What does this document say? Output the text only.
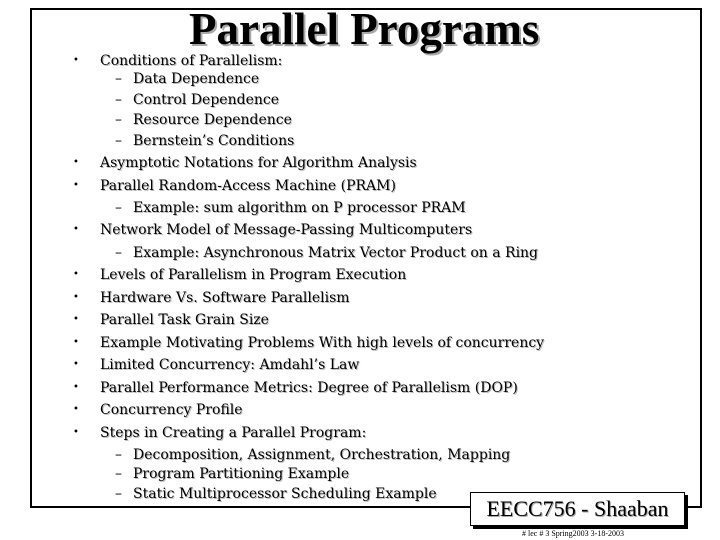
Parallel Programs
• Conditions of Parallelism:

– Data Dependence

– Control Dependence

– Resource Dependence

– Bernstein’s Conditions

• Asymptotic Notations for Algorithm Analysis

• Parallel Random-Access Machine (PRAM)

– Example: sum algorithm on P processor PRAM

• Network Model of Message-Passing Multicomputers

– Example: Asynchronous Matrix Vector Product on a Ring

• Levels of Parallelism in Program Execution

• Hardware Vs. Software Parallelism

• Parallel Task Grain Size

• Example Motivating Problems With high levels of concurrency

• Limited Concurrency: Amdahl’s Law

• Parallel Performance Metrics: Degree of Parallelism (DOP)

• Concurrency Profile

• Steps in Creating a Parallel Program:

– Decomposition, Assignment, Orchestration, Mapping

– Program Partitioning Example

– Static Multiprocessor Scheduling Example

EECC756 - Shaaban

# lec # 3 Spring2003 3-18-2003
